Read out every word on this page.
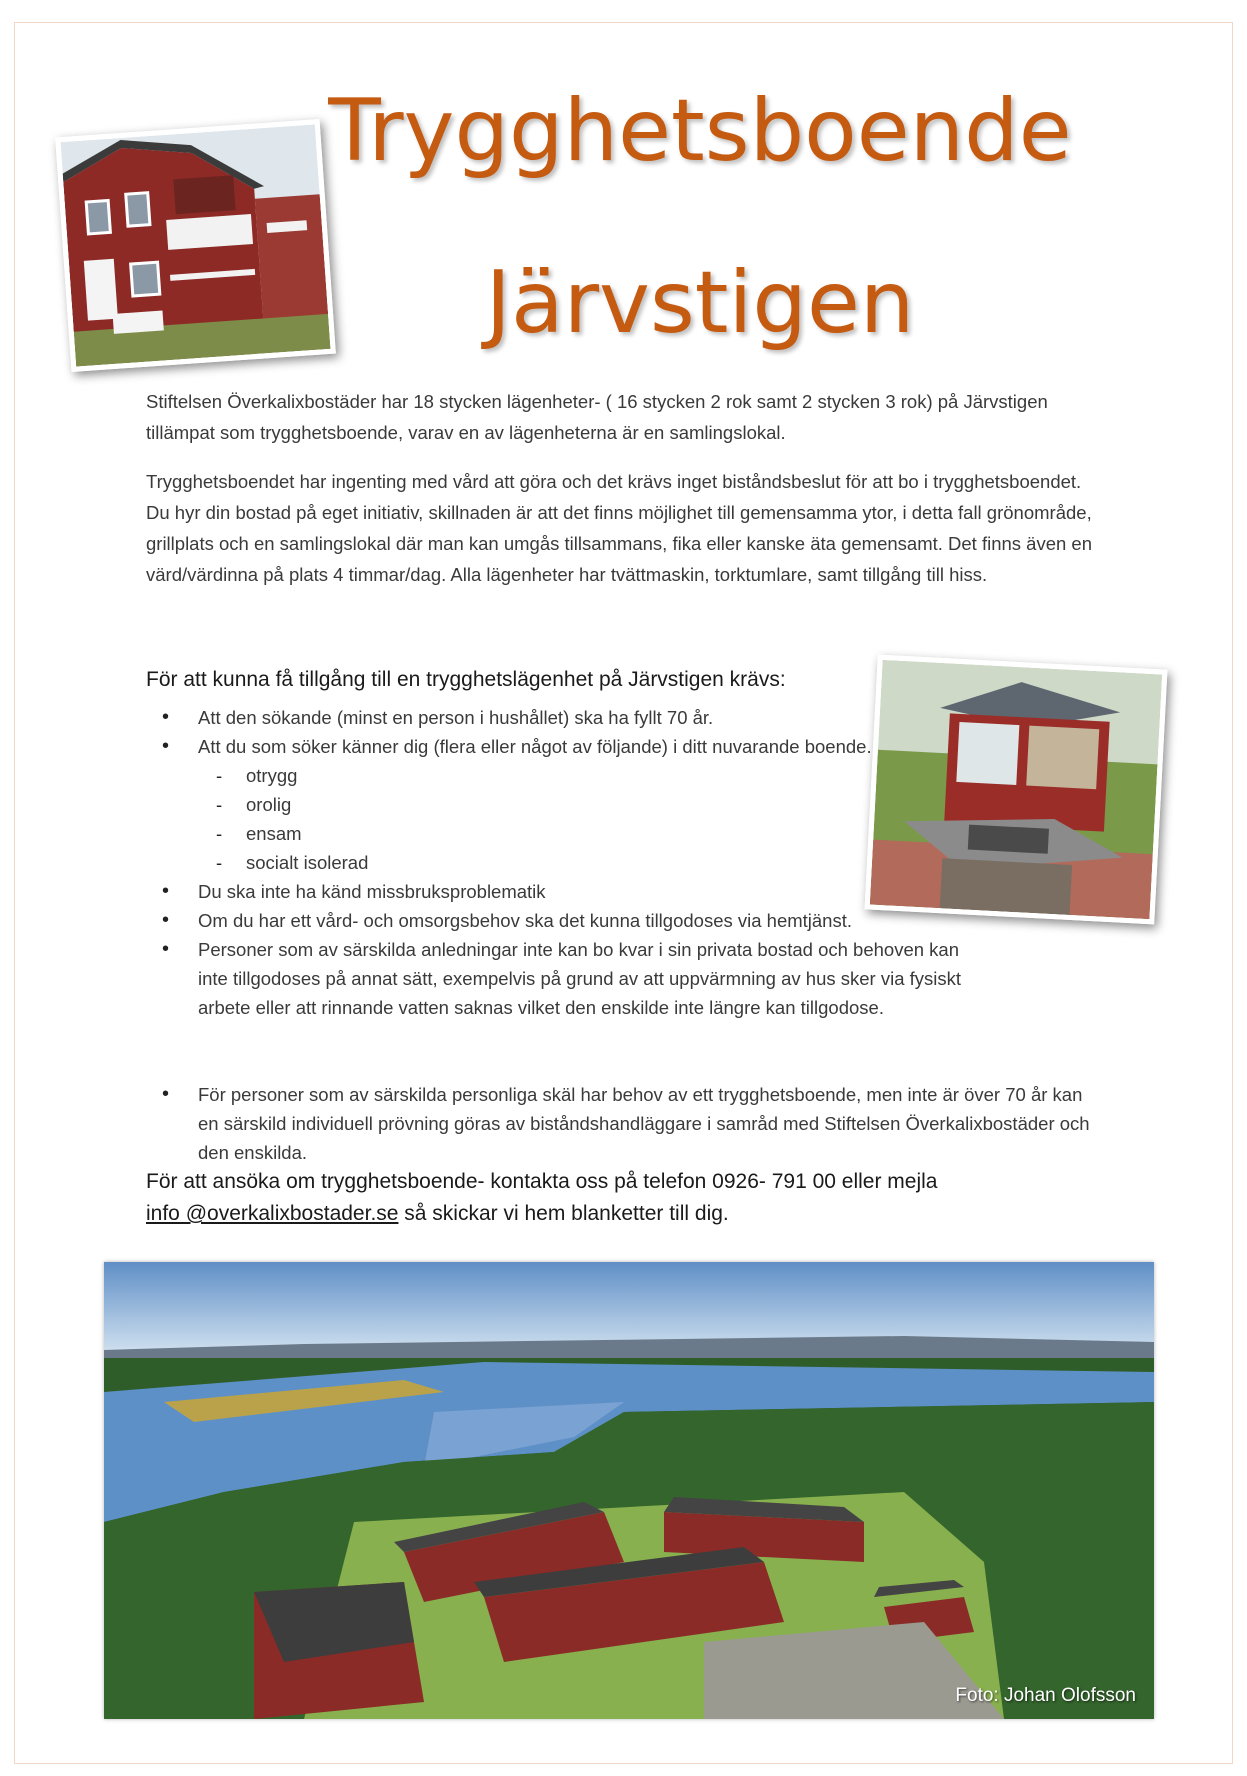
Trygghetsboende
Järvstigen

Stiftelsen Överkalixbostäder har 18 stycken lägenheter- ( 16 stycken 2 rok samt 2 stycken 3 rok) på Järvstigen tillämpat som trygghetsboende, varav en av lägenheterna är en samlingslokal.

Trygghetsboendet har ingenting med vård att göra och det krävs inget biståndsbeslut för att bo i trygghetsboendet. Du hyr din bostad på eget initiativ, skillnaden är att det finns möjlighet till gemensamma ytor, i detta fall grönområde, grillplats och en samlingslokal där man kan umgås tillsammans, fika eller kanske äta gemensamt. Det finns även en värd/värdinna på plats 4 timmar/dag. Alla lägenheter har tvättmaskin, torktumlare, samt tillgång till hiss.

För att kunna få tillgång till en trygghetslägenhet på Järvstigen krävs:
• Att den sökande (minst en person i hushållet) ska ha fyllt 70 år.
• Att du som söker känner dig (flera eller något av följande) i ditt nuvarande boende.
- otrygg
- orolig
- ensam
- socialt isolerad
• Du ska inte ha känd missbruksproblematik
• Om du har ett vård- och omsorgsbehov ska det kunna tillgodoses via hemtjänst.
• Personer som av särskilda anledningar inte kan bo kvar i sin privata bostad och behoven kan inte tillgodoses på annat sätt, exempelvis på grund av att uppvärmning av hus sker via fysiskt arbete eller att rinnande vatten saknas vilket den enskilde inte längre kan tillgodose.
• För personer som av särskilda personliga skäl har behov av ett trygghetsboende, men inte är över 70 år kan en särskild individuell prövning göras av biståndshandläggare i samråd med Stiftelsen Överkalixbostäder och den enskilda.
För att ansöka om trygghetsboende- kontakta oss på telefon 0926- 791 00 eller mejla
info @overkalixbostader.se så skickar vi hem blanketter till dig.
Foto: Johan Olofsson
